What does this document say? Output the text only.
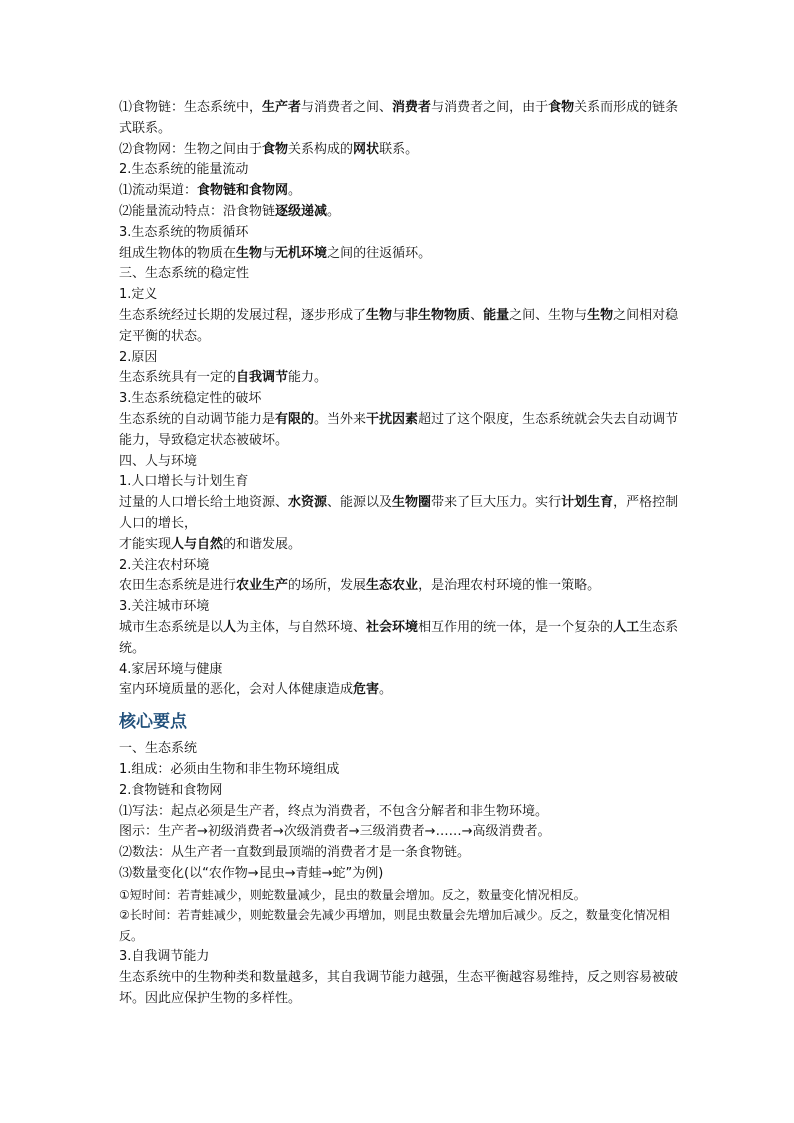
⑴食物链：生态系统中，生产者与消费者之间、消费者与消费者之间，由于食物关系而形成的链条式联系。
⑵食物网：生物之间由于食物关系构成的网状联系。
2.生态系统的能量流动
⑴流动渠道：食物链和食物网。
⑵能量流动特点：沿食物链逐级递减。
3.生态系统的物质循环
组成生物体的物质在生物与无机环境之间的往返循环。
三、生态系统的稳定性
1.定义
生态系统经过长期的发展过程，逐步形成了生物与非生物物质、能量之间、生物与生物之间相对稳定平衡的状态。
2.原因
生态系统具有一定的自我调节能力。
3.生态系统稳定性的破坏
生态系统的自动调节能力是有限的。当外来干扰因素超过了这个限度，生态系统就会失去自动调节能力，导致稳定状态被破坏。
四、人与环境
1.人口增长与计划生育
过量的人口增长给土地资源、水资源、能源以及生物圈带来了巨大压力。实行计划生育，严格控制人口的增长，
才能实现人与自然的和谐发展。
2.关注农村环境
农田生态系统是进行农业生产的场所，发展生态农业，是治理农村环境的惟一策略。
3.关注城市环境
城市生态系统是以人为主体，与自然环境、社会环境相互作用的统一体，是一个复杂的人工生态系统。
4.家居环境与健康
室内环境质量的恶化，会对人体健康造成危害。
核心要点
一、生态系统
1.组成：必须由生物和非生物环境组成
2.食物链和食物网
⑴写法：起点必须是生产者，终点为消费者，不包含分解者和非生物环境。
图示：生产者→初级消费者→次级消费者→三级消费者→……→高级消费者。
⑵数法：从生产者一直数到最顶端的消费者才是一条食物链。
⑶数量变化(以“农作物→昆虫→青蛙→蛇”为例)
①短时间：若青蛙减少，则蛇数量减少，昆虫的数量会增加。反之，数量变化情况相反。
②长时间：若青蛙减少，则蛇数量会先减少再增加，则昆虫数量会先增加后减少。反之，数量变化情况相反。
3.自我调节能力
生态系统中的生物种类和数量越多，其自我调节能力越强，生态平衡越容易维持，反之则容易被破坏。因此应保护生物的多样性。
